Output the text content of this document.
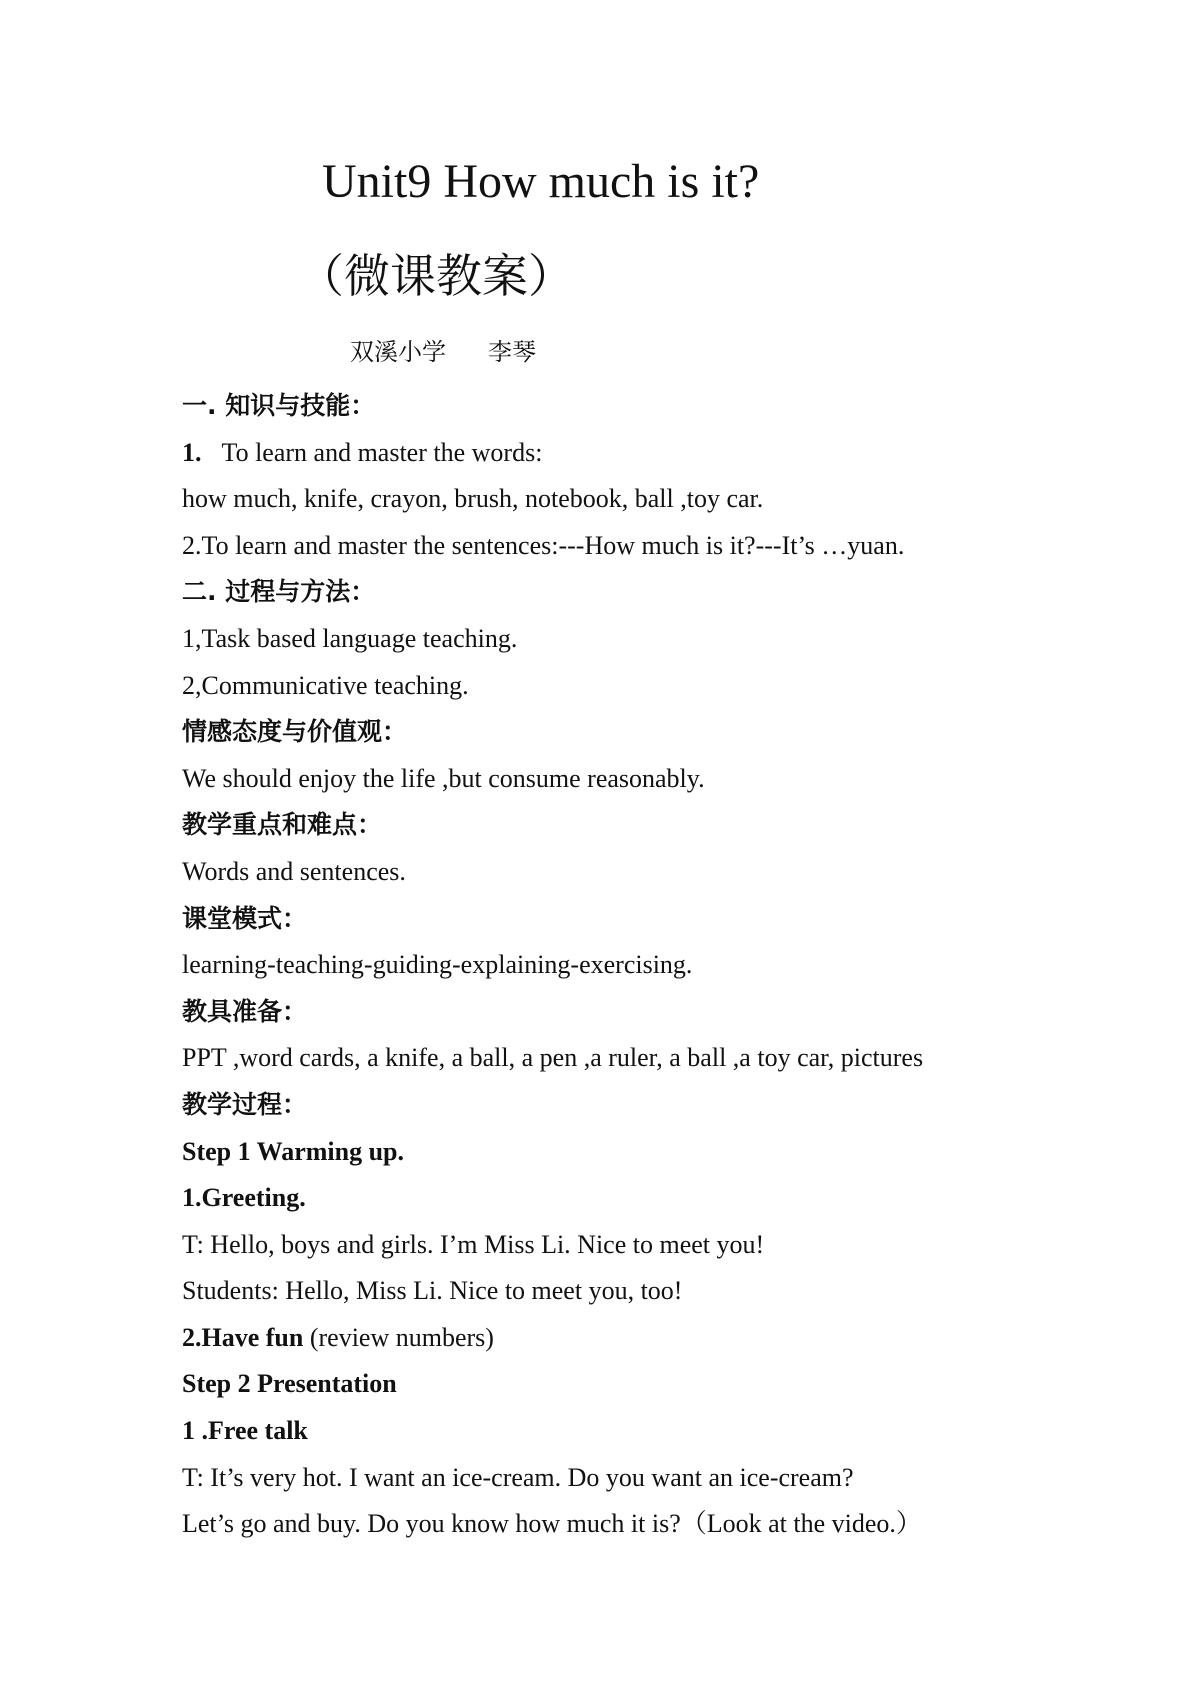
Unit9 How much is it?
（微课教案）
双溪小学 李琴
一. 知识与技能：
1. To learn and master the words:
how much, knife, crayon, brush, notebook, ball ,toy car.
2.To learn and master the sentences:---How much is it?---It’s …yuan.
二. 过程与方法：
1,Task based language teaching.
2,Communicative teaching.
情感态度与价值观：
We should enjoy the life ,but consume reasonably.
教学重点和难点：
Words and sentences.
课堂模式：
learning-teaching-guiding-explaining-exercising.
教具准备：
PPT ,word cards, a knife, a ball, a pen ,a ruler, a ball ,a toy car, pictures
教学过程：
Step 1 Warming up.
1.Greeting.
T: Hello, boys and girls. I’m Miss Li. Nice to meet you!
Students: Hello, Miss Li. Nice to meet you, too!
2.Have fun (review numbers)
Step 2 Presentation
1 .Free talk
T: It’s very hot. I want an ice-cream. Do you want an ice-cream?
Let’s go and buy. Do you know how much it is?（Look at the video.）
